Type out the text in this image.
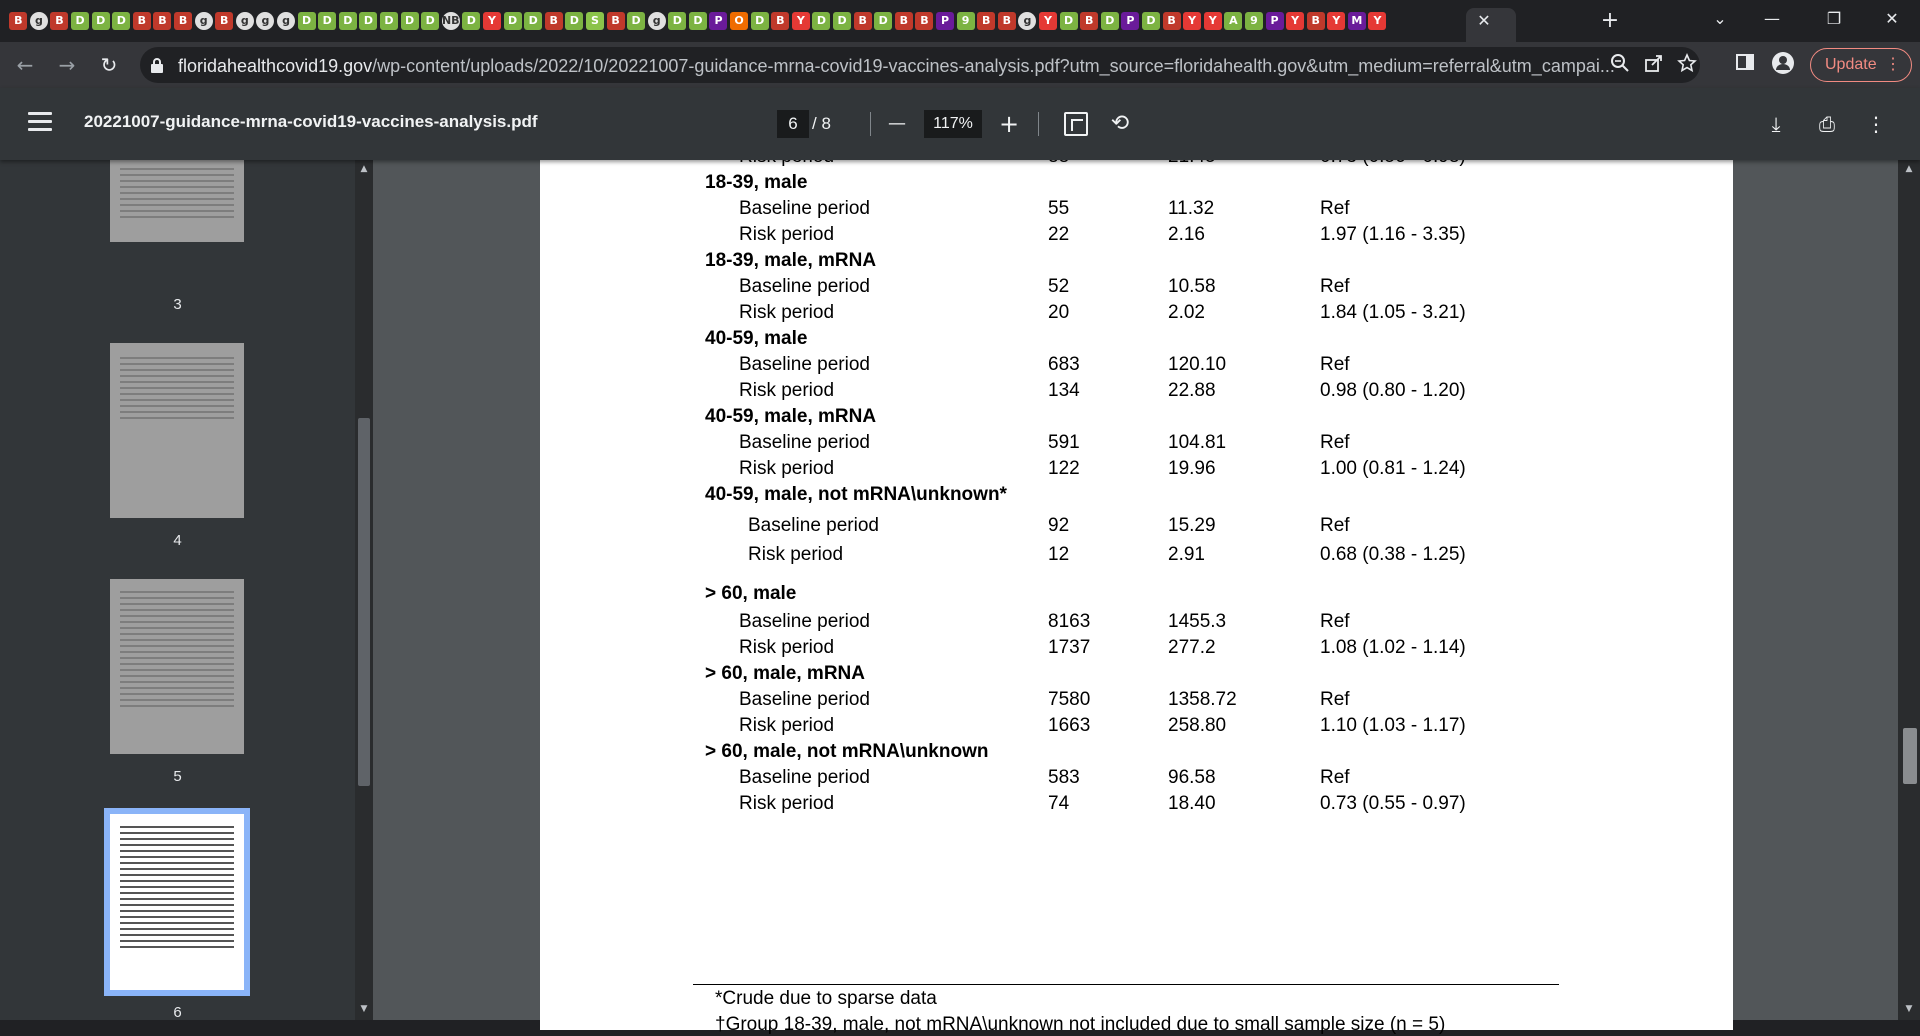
B	g	B	D	D	D	B	B	B	g	B	g	g	g	D	D	D	D	D	D	D NB D	Y	D	D	B	D	S	B	D	g	D	D	P	O	D	B	Y	D	D	B	D	B	B	P	9	B	B	g	Y	D	B	D	P	D	B	Y	Y	A	9	P	Y	B	Y	M	Y	✕	+	⌄	—	❐	✕
←	→	↻	floridahealthcovid19.gov/wp-content/uploads/2022/10/20221007-guidance-mrna-covid19-vaccines-analysis.pdf?utm_source=floridahealth.gov&utm_medium=referral&utm_campai...	Update ⋮
20221007-guidance-mrna-covid19-vaccines-analysis.pdf	6 / 8	—	117%	+	⟲	⤓	⎙	⋮
3
4
5
6
▲
▼
18-39, male
Baseline period	55	11.32	Ref
Risk period	22	2.16	1.97 (1.16 - 3.35)
18-39, male, mRNA
Baseline period	52	10.58	Ref
Risk period	20	2.02	1.84 (1.05 - 3.21)
40-59, male
Baseline period	683	120.10	Ref
Risk period	134	22.88	0.98 (0.80 - 1.20)
40-59, male, mRNA
Baseline period	591	104.81	Ref
Risk period	122	19.96	1.00 (0.81 - 1.24)
40-59, male, not mRNA\unknown*
Baseline period	92	15.29	Ref
Risk period	12	2.91	0.68 (0.38 - 1.25)
> 60, male
Baseline period	8163	1455.3	Ref
Risk period	1737	277.2	1.08 (1.02 - 1.14)
> 60, male, mRNA
Baseline period	7580	1358.72	Ref
Risk period	1663	258.80	1.10 (1.03 - 1.17)
> 60, male, not mRNA\unknown
Baseline period	583	96.58	Ref
Risk period	74	18.40	0.73 (0.55 - 0.97)
*Crude due to sparse data
†Group 18-39, male, not mRNA\unknown not included due to small sample size (n = 5)
▲
▼
